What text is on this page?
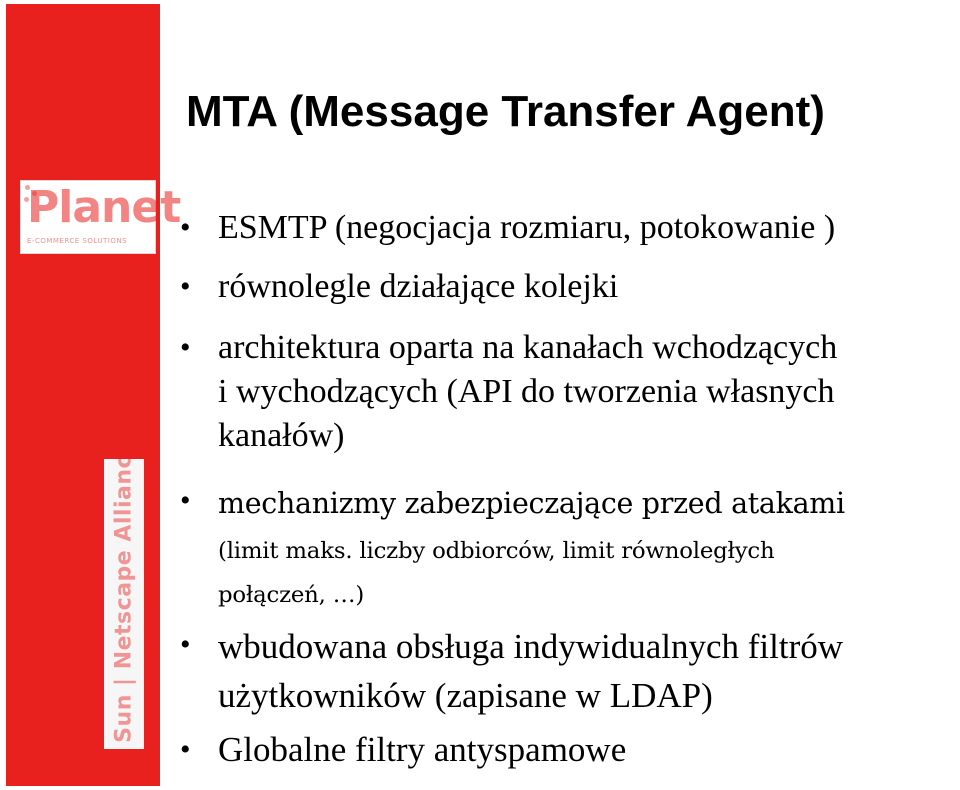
Planet
E-COMMERCE SOLUTIONS
A Sun | Netscape Alliance
MTA (Message Transfer Agent)
• ESMTP (negocjacja rozmiaru, potokowanie )
• równolegle działające kolejki
• architektura oparta na kanałach wchodzących
i wychodzących (API do tworzenia własnych
kanałów)
• mechanizmy zabezpieczające przed atakami
(limit maks. liczby odbiorców, limit równoległych
połączeń, …)
• wbudowana obsługa indywidualnych filtrów
użytkowników (zapisane w LDAP)
• Globalne filtry antyspamowe
